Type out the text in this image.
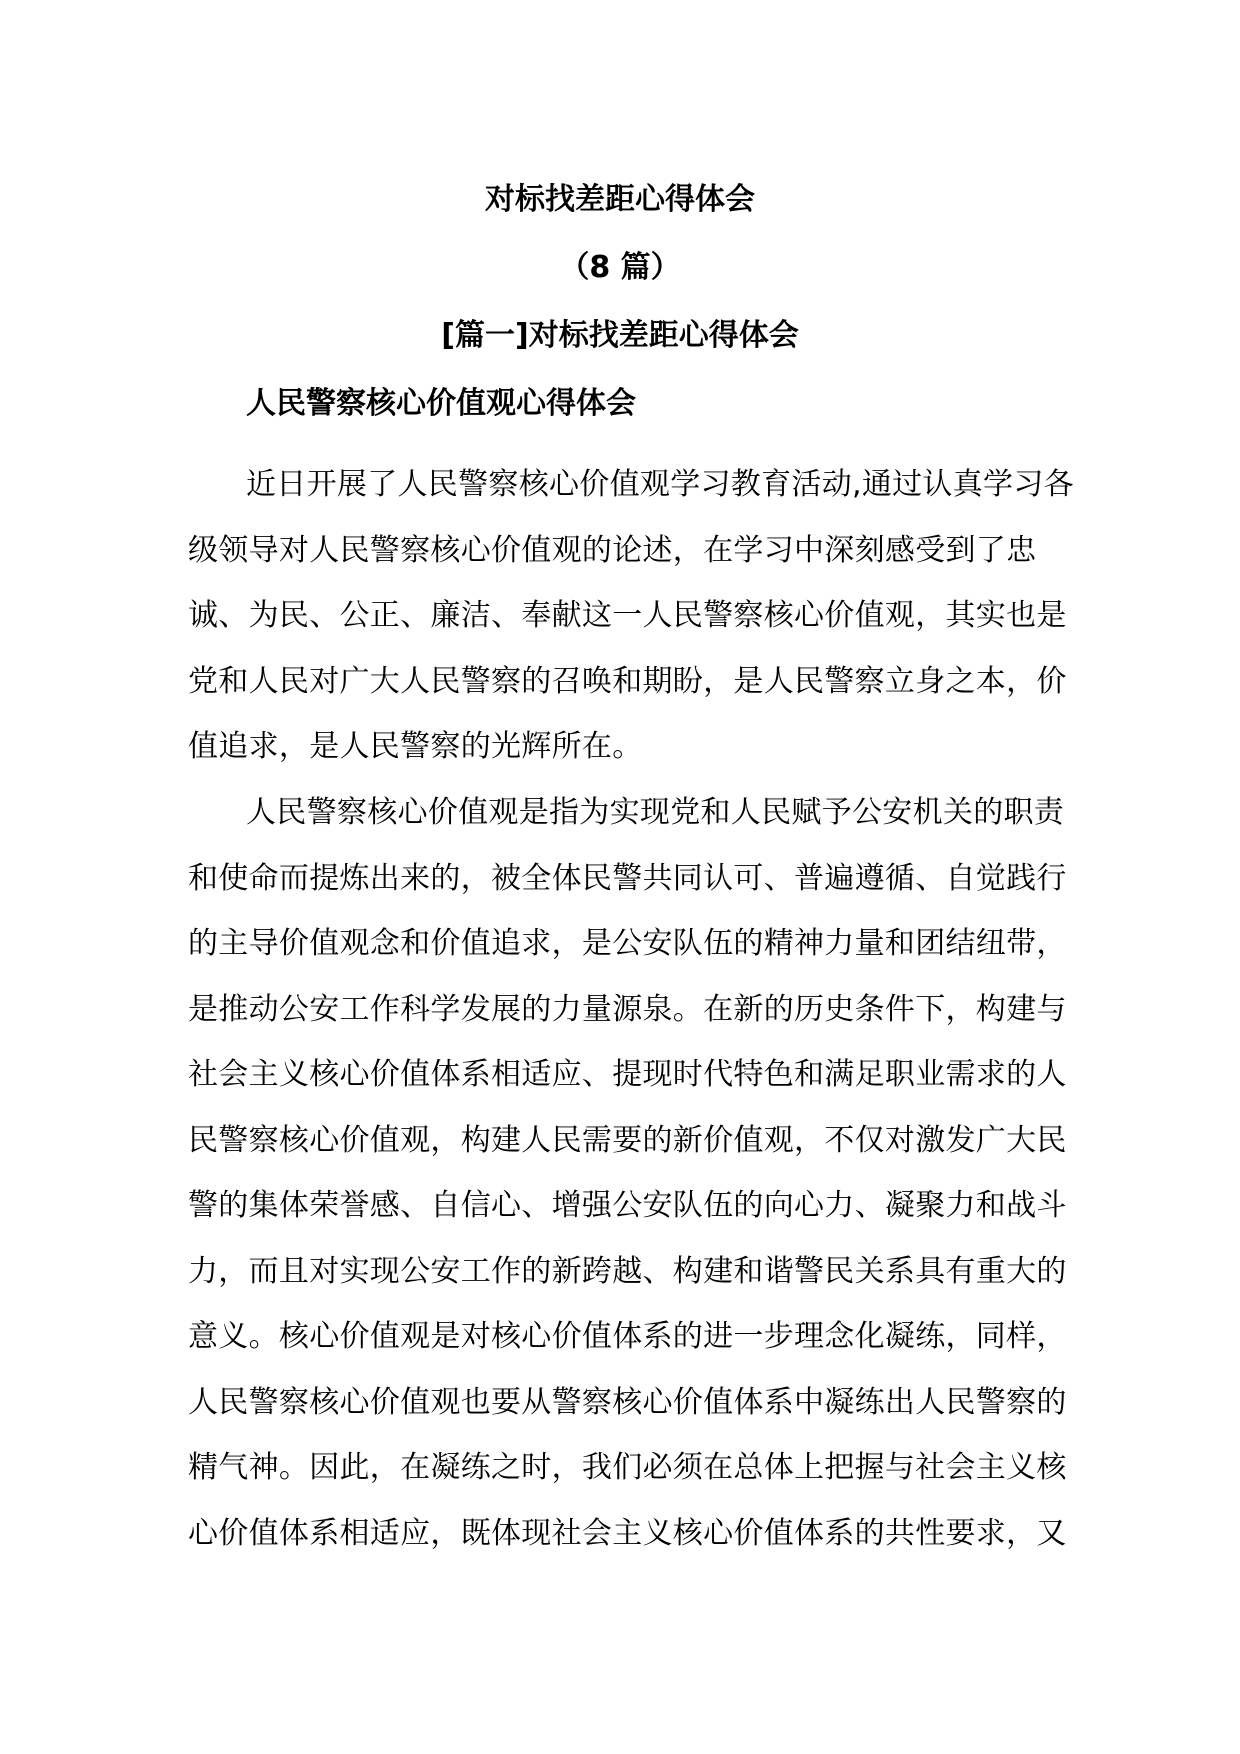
对标找差距心得体会
（8 篇）
[篇一]对标找差距心得体会
人民警察核心价值观心得体会
近日开展了人民警察核心价值观学习教育活动,通过认真学习各
级领导对人民警察核心价值观的论述，在学习中深刻感受到了忠
诚、为民、公正、廉洁、奉献这一人民警察核心价值观，其实也是
党和人民对广大人民警察的召唤和期盼，是人民警察立身之本，价
值追求，是人民警察的光辉所在。
人民警察核心价值观是指为实现党和人民赋予公安机关的职责
和使命而提炼出来的，被全体民警共同认可、普遍遵循、自觉践行
的主导价值观念和价值追求，是公安队伍的精神力量和团结纽带，
是推动公安工作科学发展的力量源泉。在新的历史条件下，构建与
社会主义核心价值体系相适应、提现时代特色和满足职业需求的人
民警察核心价值观，构建人民需要的新价值观，不仅对激发广大民
警的集体荣誉感、自信心、增强公安队伍的向心力、凝聚力和战斗
力，而且对实现公安工作的新跨越、构建和谐警民关系具有重大的
意义。核心价值观是对核心价值体系的进一步理念化凝练，同样，
人民警察核心价值观也要从警察核心价值体系中凝练出人民警察的
精气神。因此，在凝练之时，我们必须在总体上把握与社会主义核
心价值体系相适应，既体现社会主义核心价值体系的共性要求，又
